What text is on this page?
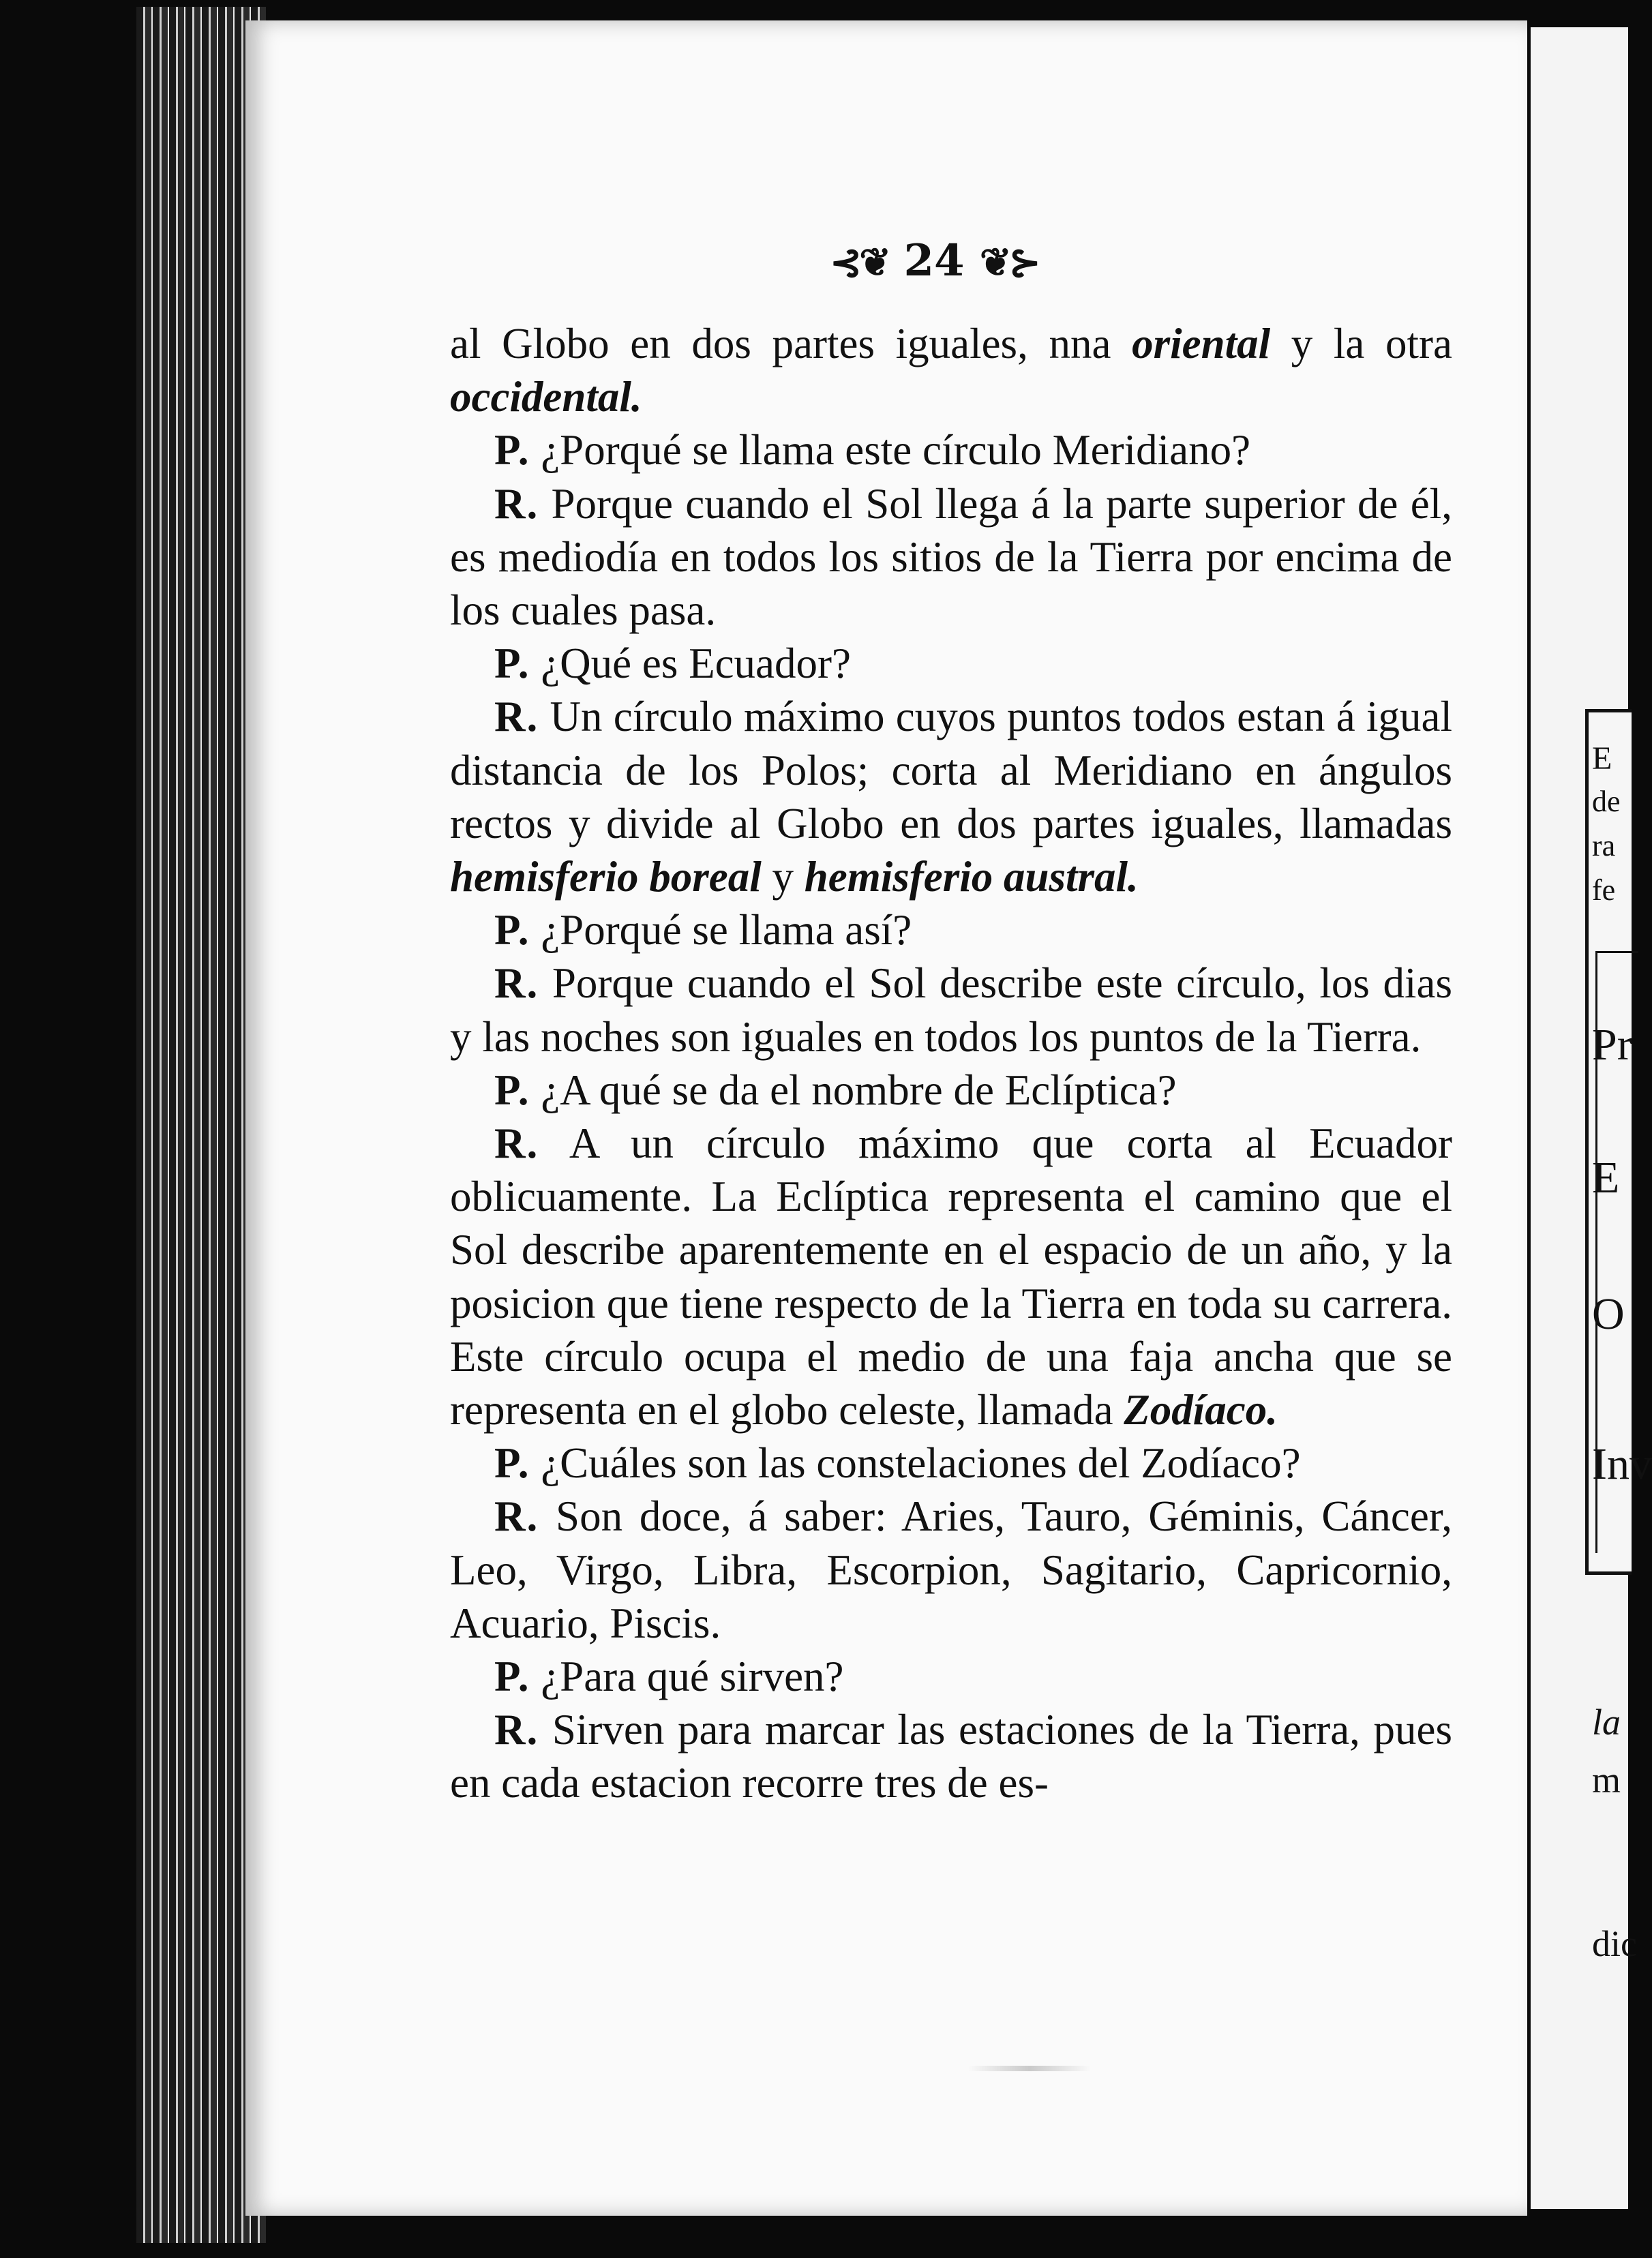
E
de
ra
fe
Pr
E
O
Inv
la
m
dic
⊰❦ 24 ❦⊱

al Globo en dos partes iguales, nna oriental y la otra occidental.

P. ¿Porqué se llama este círculo Meridiano?

R. Porque cuando el Sol llega á la parte superior de él, es mediodía en todos los sitios de la Tierra por encima de los cuales pasa.

P. ¿Qué es Ecuador?

R. Un círculo máximo cuyos puntos todos estan á igual distancia de los Polos; corta al Meridiano en ángulos rectos y divide al Globo en dos partes iguales, llamadas hemisferio boreal y hemisferio austral.

P. ¿Porqué se llama así?

R. Porque cuando el Sol describe este círculo, los dias y las noches son iguales en todos los puntos de la Tierra.

P. ¿A qué se da el nombre de Eclíptica?

R. A un círculo máximo que corta al Ecuador oblicuamente. La Eclíptica representa el camino que el Sol describe aparentemente en el espacio de un año, y la posicion que tiene respecto de la Tierra en toda su carrera. Este círculo ocupa el medio de una faja ancha que se representa en el globo celeste, llamada Zodíaco.

P. ¿Cuáles son las constelaciones del Zodíaco?

R. Son doce, á saber: Aries, Tauro, Géminis, Cáncer, Leo, Virgo, Libra, Escorpion, Sagitario, Capricornio, Acuario, Piscis.

P. ¿Para qué sirven?

R. Sirven para marcar las estaciones de la Tierra, pues en cada estacion recorre tres de es-
